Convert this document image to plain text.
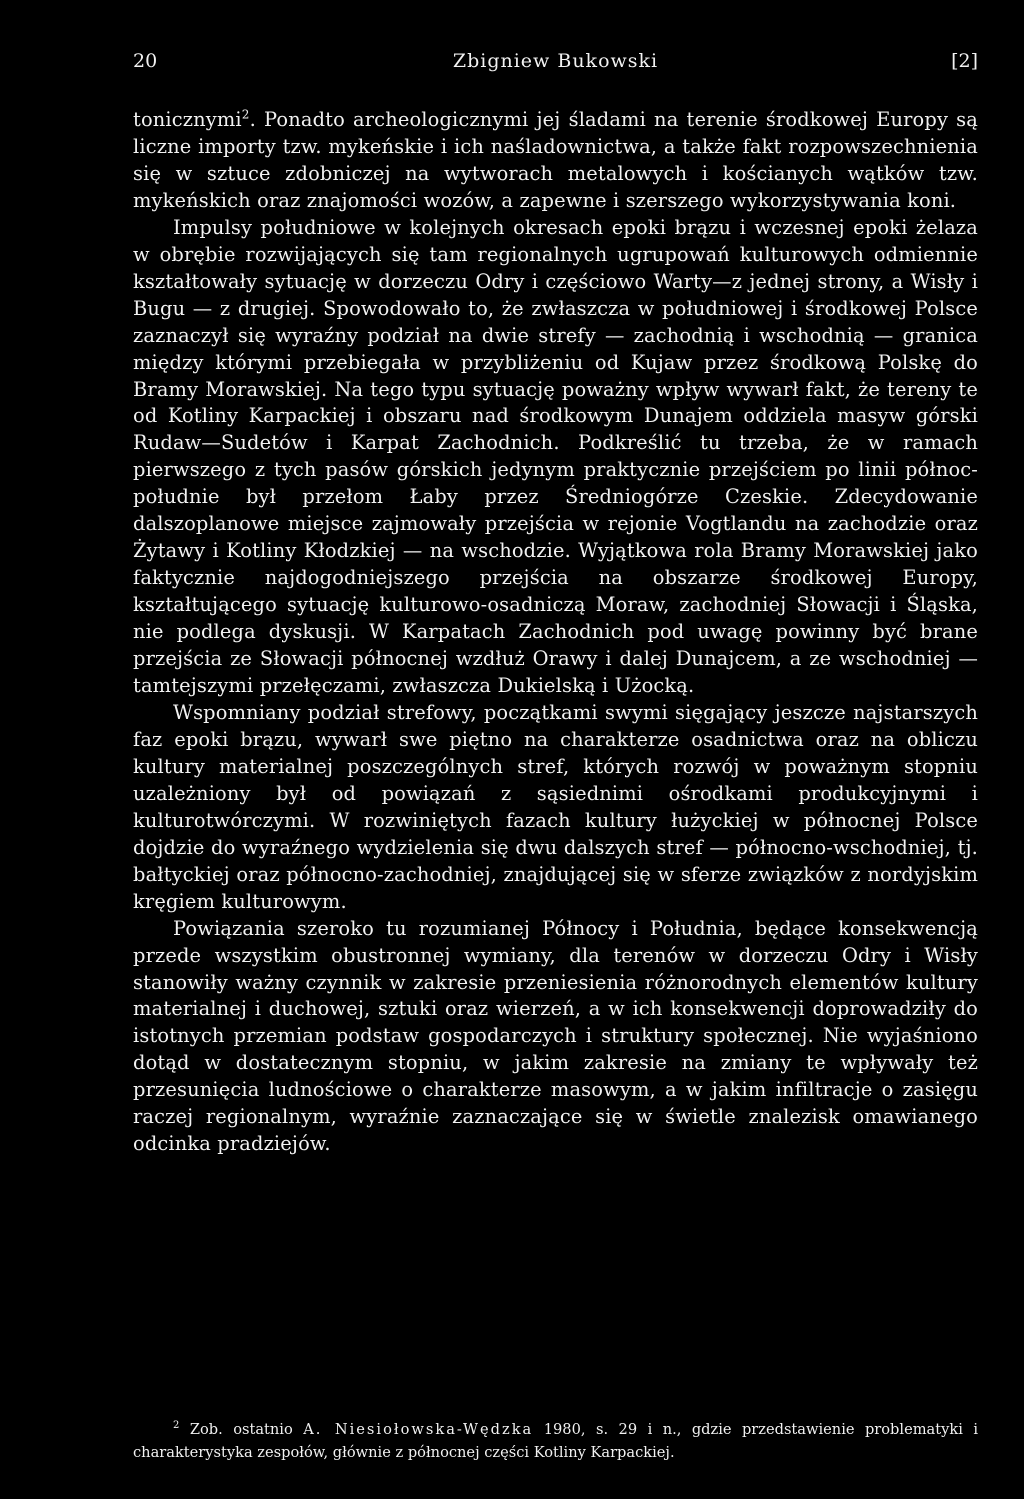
20	Zbigniew Bukowski	[2]

tonicznymi$^2$. Ponadto archeologicznymi jej śladami na terenie środkowej Europy są liczne importy tzw. mykeńskie i ich naśladownictwa, a także fakt rozpowszechnienia się w sztuce zdobniczej na wytworach metalowych i kościanych wątków tzw. mykeńskich oraz znajomości wozów, a zapewne i szerszego wykorzystywania koni.

Impulsy południowe w kolejnych okresach epoki brązu i wczesnej epoki żelaza w obrębie rozwijających się tam regionalnych ugrupowań kulturowych odmiennie kształtowały sytuację w dorzeczu Odry i częściowo Warty—z jednej strony, a Wisły i Bugu — z drugiej. Spowodowało to, że zwłaszcza w południowej i środkowej Polsce zaznaczył się wyraźny podział na dwie strefy — zachodnią i wschodnią — granica między którymi przebiegała w przybliżeniu od Kujaw przez środkową Polskę do Bramy Morawskiej. Na tego typu sytuację poważny wpływ wywarł fakt, że tereny te od Kotliny Karpackiej i obszaru nad środkowym Dunajem oddziela masyw górski Rudaw—Sudetów i Karpat Zachodnich. Podkreślić tu trzeba, że w ramach pierwszego z tych pasów górskich jedynym praktycznie przejściem po linii północ-południe był przełom Łaby przez Średniogórze Czeskie. Zdecydowanie dalszoplanowe miejsce zajmowały przejścia w rejonie Vogtlandu na zachodzie oraz Żytawy i Kotliny Kłodzkiej — na wschodzie. Wyjątkowa rola Bramy Morawskiej jako faktycznie najdogodniejszego przejścia na obszarze środkowej Europy, kształtującego sytuację kulturowo-osadniczą Moraw, zachodniej Słowacji i Śląska, nie podlega dyskusji. W Karpatach Zachodnich pod uwagę powinny być brane przejścia ze Słowacji północnej wzdłuż Orawy i dalej Dunajcem, a ze wschodniej — tamtejszymi przełęczami, zwłaszcza Dukielską i Użocką.

Wspomniany podział strefowy, początkami swymi sięgający jeszcze najstarszych faz epoki brązu, wywarł swe piętno na charakterze osadnictwa oraz na obliczu kultury materialnej poszczególnych stref, których rozwój w poważnym stopniu uzależniony był od powiązań z sąsiednimi ośrodkami produkcyjnymi i kulturotwórczymi. W rozwiniętych fazach kultury łużyckiej w północnej Polsce dojdzie do wyraźnego wydzielenia się dwu dalszych stref — północno-wschodniej, tj. bałtyckiej oraz północno-zachodniej, znajdującej się w sferze związków z nordyjskim kręgiem kulturowym.

Powiązania szeroko tu rozumianej Północy i Południa, będące konsekwencją przede wszystkim obustronnej wymiany, dla terenów w dorzeczu Odry i Wisły stanowiły ważny czynnik w zakresie przeniesienia różnorodnych elementów kultury materialnej i duchowej, sztuki oraz wierzeń, a w ich konsekwencji doprowadziły do istotnych przemian podstaw gospodarczych i struktury społecznej. Nie wyjaśniono dotąd w dostatecznym stopniu, w jakim zakresie na zmiany te wpływały też przesunięcia ludnościowe o charakterze masowym, a w jakim infiltracje o zasięgu raczej regionalnym, wyraźnie zaznaczające się w świetle znalezisk omawianego odcinka pradziejów.

$^2$ Zob. ostatnio A. Niesiołowska-Wędzka 1980, s. 29 i n., gdzie przedstawienie problematyki i charakterystyka zespołów, głównie z północnej części Kotliny Karpackiej.
